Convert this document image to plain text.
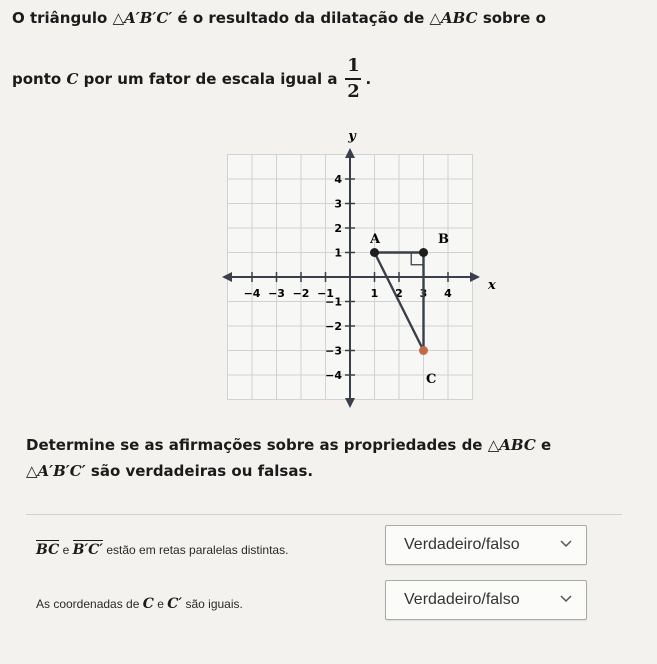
O triângulo △A′B′C′ é o resultado da dilatação de △ABC sobre o
ponto
C
por um fator de escala igual a $\frac{1}{2}$ .
y
x
−4 −3 −2 −1	1 2 3 4
4
3
2
1
−1
−2
−3
−4
A	B
C
Determine se as afirmações sobre as propriedades de △ABC e
△A′B′C′ são verdadeiras ou falsas.
BC e B′C′ estão em retas paralelas distintas.	Verdadeiro/falso
As coordenadas de C e C′ são iguais.	Verdadeiro/falso
